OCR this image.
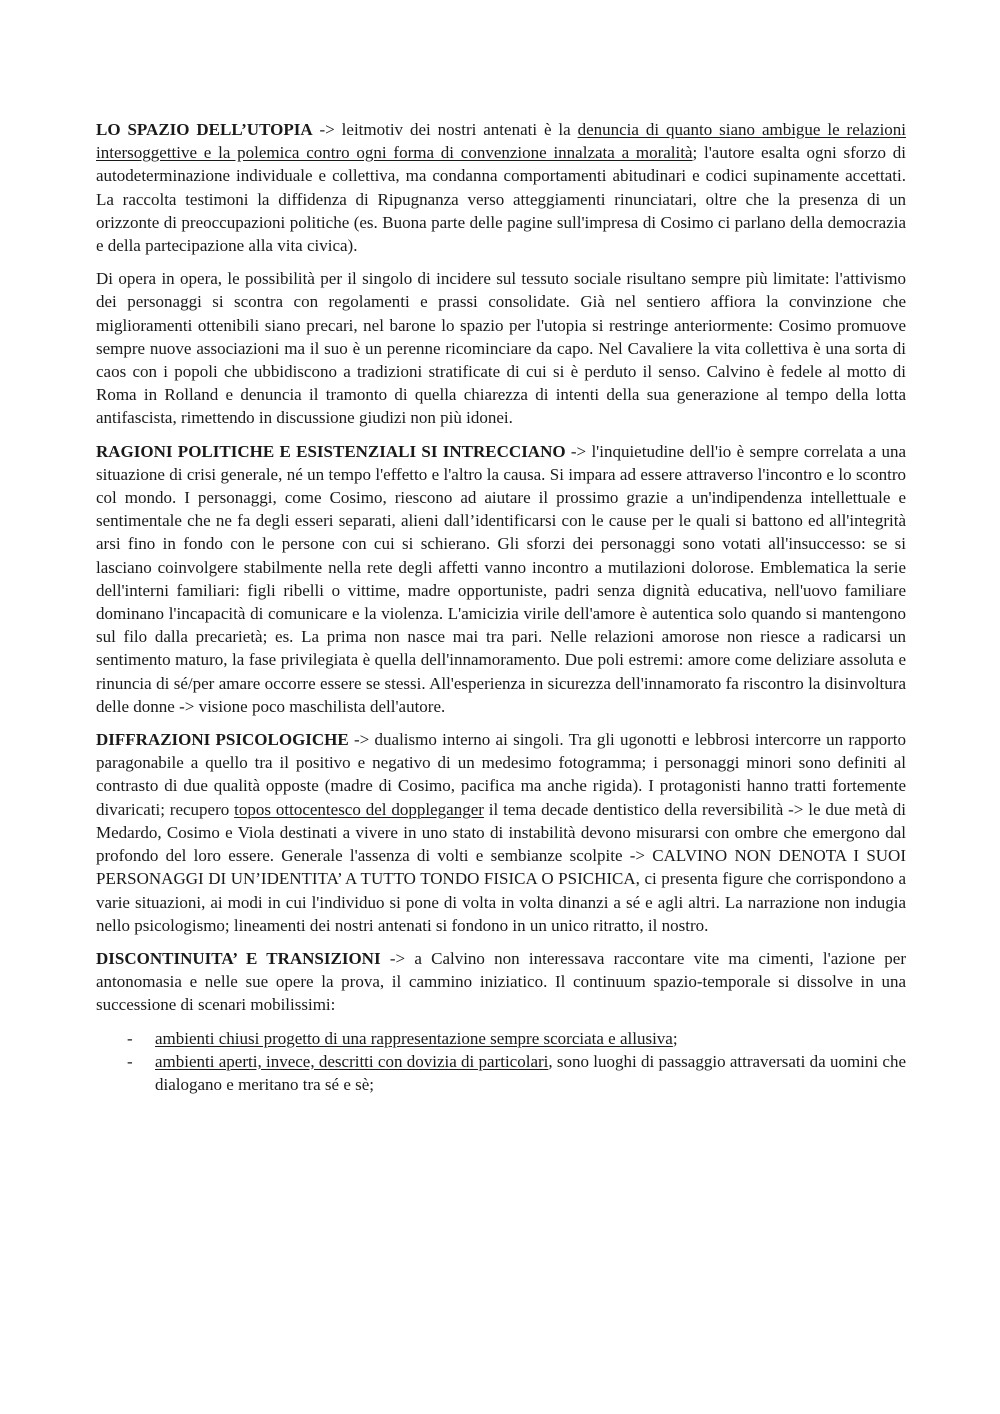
LO SPAZIO DELL’UTOPIA -> leitmotiv dei nostri antenati è la denuncia di quanto siano ambigue le relazioni intersoggettive e la polemica contro ogni forma di convenzione innalzata a moralità; l'autore esalta ogni sforzo di autodeterminazione individuale e collettiva, ma condanna comportamenti abitudinari e codici supinamente accettati. La raccolta testimoni la diffidenza di Ripugnanza verso atteggiamenti rinunciatari, oltre che la presenza di un orizzonte di preoccupazioni politiche (es. Buona parte delle pagine sull'impresa di Cosimo ci parlano della democrazia e della partecipazione alla vita civica).

Di opera in opera, le possibilità per il singolo di incidere sul tessuto sociale risultano sempre più limitate: l'attivismo dei personaggi si scontra con regolamenti e prassi consolidate. Già nel sentiero affiora la convinzione che miglioramenti ottenibili siano precari, nel barone lo spazio per l'utopia si restringe anteriormente: Cosimo promuove sempre nuove associazioni ma il suo è un perenne ricominciare da capo. Nel Cavaliere la vita collettiva è una sorta di caos con i popoli che ubbidiscono a tradizioni stratificate di cui si è perduto il senso. Calvino è fedele al motto di Roma in Rolland e denuncia il tramonto di quella chiarezza di intenti della sua generazione al tempo della lotta antifascista, rimettendo in discussione giudizi non più idonei.

RAGIONI POLITICHE E ESISTENZIALI SI INTRECCIANO -> l'inquietudine dell'io è sempre correlata a una situazione di crisi generale, né un tempo l'effetto e l'altro la causa. Si impara ad essere attraverso l'incontro e lo scontro col mondo. I personaggi, come Cosimo, riescono ad aiutare il prossimo grazie a un'indipendenza intellettuale e sentimentale che ne fa degli esseri separati, alieni dall’identificarsi con le cause per le quali si battono ed all'integrità arsi fino in fondo con le persone con cui si schierano. Gli sforzi dei personaggi sono votati all'insuccesso: se si lasciano coinvolgere stabilmente nella rete degli affetti vanno incontro a mutilazioni dolorose. Emblematica la serie dell'interni familiari: figli ribelli o vittime, madre opportuniste, padri senza dignità educativa, nell'uovo familiare dominano l'incapacità di comunicare e la violenza. L'amicizia virile dell'amore è autentica solo quando si mantengono sul filo dalla precarietà; es. La prima non nasce mai tra pari. Nelle relazioni amorose non riesce a radicarsi un sentimento maturo, la fase privilegiata è quella dell'innamoramento. Due poli estremi: amore come deliziare assoluta e rinuncia di sé/per amare occorre essere se stessi. All'esperienza in sicurezza dell'innamorato fa riscontro la disinvoltura delle donne -> visione poco maschilista dell'autore.

DIFFRAZIONI PSICOLOGICHE -> dualismo interno ai singoli. Tra gli ugonotti e lebbrosi intercorre un rapporto paragonabile a quello tra il positivo e negativo di un medesimo fotogramma; i personaggi minori sono definiti al contrasto di due qualità opposte (madre di Cosimo, pacifica ma anche rigida). I protagonisti hanno tratti fortemente divaricati; recupero topos ottocentesco del doppleganger il tema decade dentistico della reversibilità -> le due metà di Medardo, Cosimo e Viola destinati a vivere in uno stato di instabilità devono misurarsi con ombre che emergono dal profondo del loro essere. Generale l'assenza di volti e sembianze scolpite -> CALVINO NON DENOTA I SUOI PERSONAGGI DI UN’IDENTITA’ A TUTTO TONDO FISICA O PSICHICA, ci presenta figure che corrispondono a varie situazioni, ai modi in cui l'individuo si pone di volta in volta dinanzi a sé e agli altri. La narrazione non indugia nello psicologismo; lineamenti dei nostri antenati si fondono in un unico ritratto, il nostro.

DISCONTINUITA’ E TRANSIZIONI -> a Calvino non interessava raccontare vite ma cimenti, l'azione per antonomasia e nelle sue opere la prova, il cammino iniziatico. Il continuum spazio-temporale si dissolve in una successione di scenari mobilissimi:

- ambienti chiusi progetto di una rappresentazione sempre scorciata e allusiva;
- ambienti aperti, invece, descritti con dovizia di particolari, sono luoghi di passaggio attraversati da uomini che dialogano e meritano tra sé e sè;
